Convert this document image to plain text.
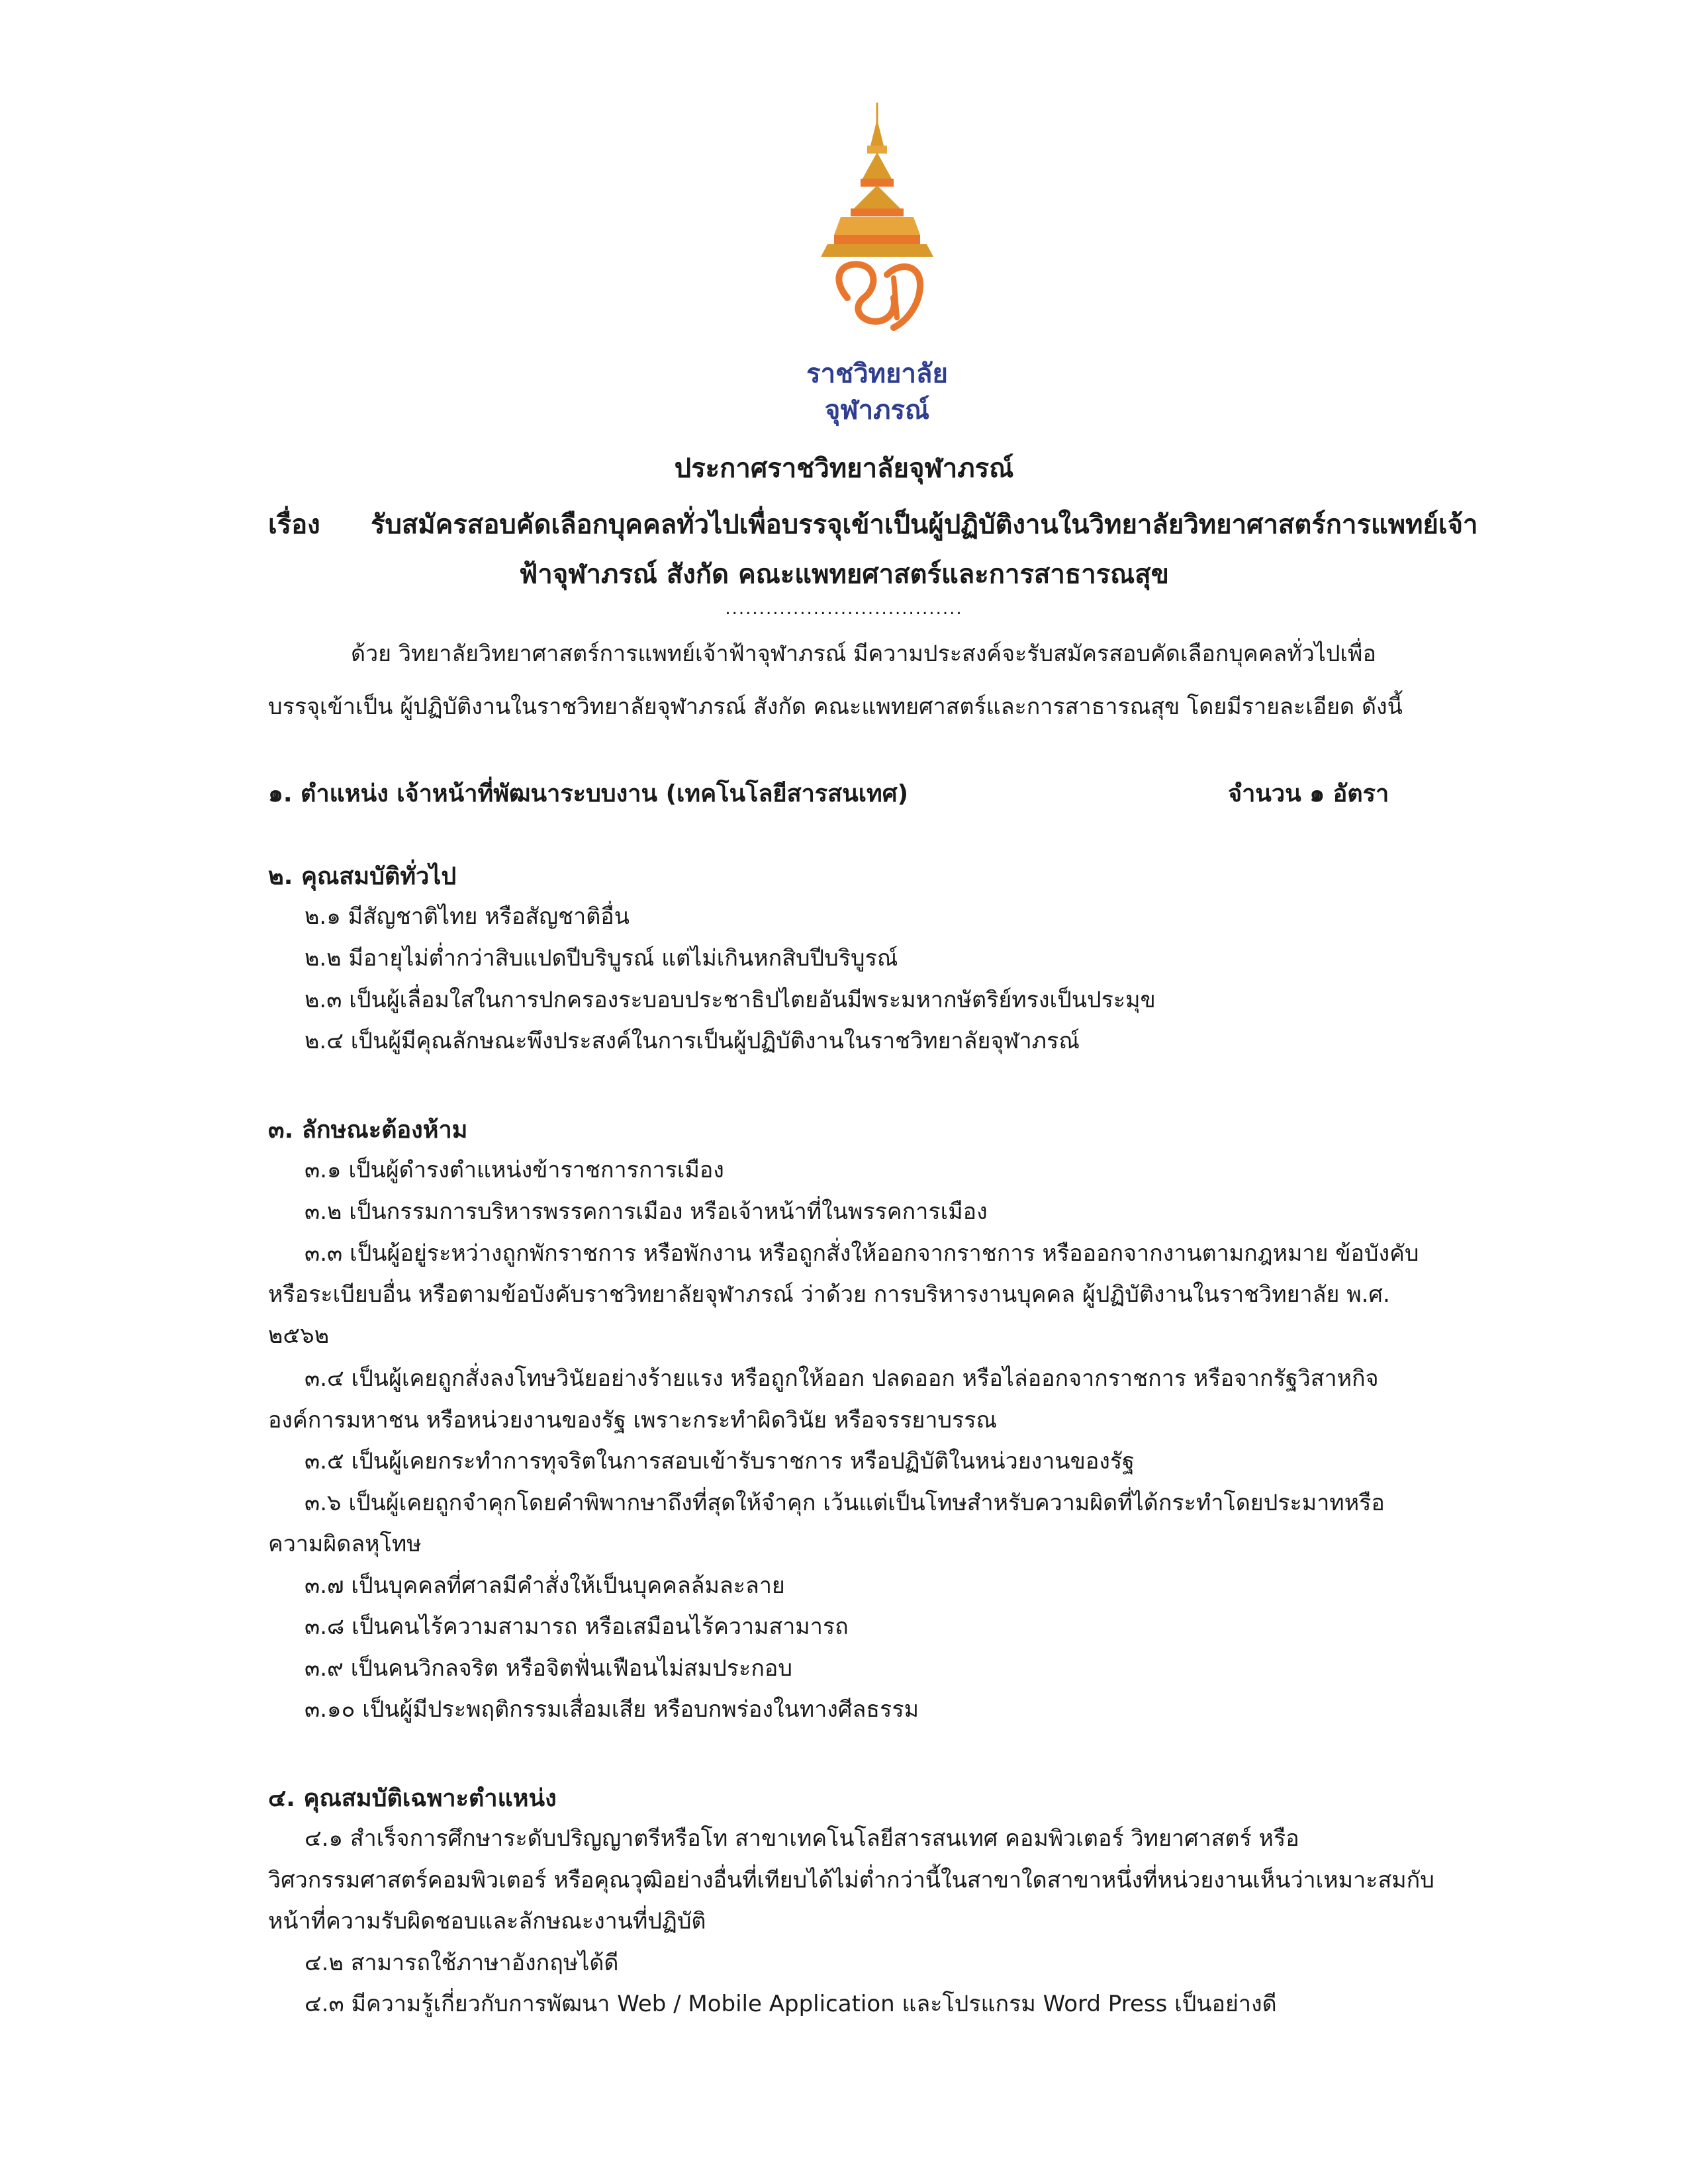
ราชวิทยาลัย
จุฬาภรณ์
ประกาศราชวิทยาลัยจุฬาภรณ์
เรื่อง รับสมัครสอบคัดเลือกบุคคลทั่วไปเพื่อบรรจุเข้าเป็นผู้ปฏิบัติงานในวิทยาลัยวิทยาศาสตร์การแพทย์เจ้า
ฟ้าจุฬาภรณ์ สังกัด คณะแพทยศาสตร์และการสาธารณสุข
...................................
ด้วย วิทยาลัยวิทยาศาสตร์การแพทย์เจ้าฟ้าจุฬาภรณ์ มีความประสงค์จะรับสมัครสอบคัดเลือกบุคคลทั่วไปเพื่อ
บรรจุเข้าเป็น ผู้ปฏิบัติงานในราชวิทยาลัยจุฬาภรณ์ สังกัด คณะแพทยศาสตร์และการสาธารณสุข โดยมีรายละเอียด ดังนี้
๑. ตำแหน่ง เจ้าหน้าที่พัฒนาระบบงาน (เทคโนโลยีสารสนเทศ)	จำนวน ๑ อัตรา
๒. คุณสมบัติทั่วไป
๒.๑ มีสัญชาติไทย หรือสัญชาติอื่น
๒.๒ มีอายุไม่ต่ำกว่าสิบแปดปีบริบูรณ์ แต่ไม่เกินหกสิบปีบริบูรณ์
๒.๓ เป็นผู้เลื่อมใสในการปกครองระบอบประชาธิปไตยอันมีพระมหากษัตริย์ทรงเป็นประมุข
๒.๔ เป็นผู้มีคุณลักษณะพึงประสงค์ในการเป็นผู้ปฏิบัติงานในราชวิทยาลัยจุฬาภรณ์
๓. ลักษณะต้องห้าม
๓.๑ เป็นผู้ดำรงตำแหน่งข้าราชการการเมือง
๓.๒ เป็นกรรมการบริหารพรรคการเมือง หรือเจ้าหน้าที่ในพรรคการเมือง
๓.๓ เป็นผู้อยู่ระหว่างถูกพักราชการ หรือพักงาน หรือถูกสั่งให้ออกจากราชการ หรือออกจากงานตามกฎหมาย ข้อบังคับ
หรือระเบียบอื่น หรือตามข้อบังคับราชวิทยาลัยจุฬาภรณ์ ว่าด้วย การบริหารงานบุคคล ผู้ปฏิบัติงานในราชวิทยาลัย พ.ศ.
๒๕๖๒
๓.๔ เป็นผู้เคยถูกสั่งลงโทษวินัยอย่างร้ายแรง หรือถูกให้ออก ปลดออก หรือไล่ออกจากราชการ หรือจากรัฐวิสาหกิจ
องค์การมหาชน หรือหน่วยงานของรัฐ เพราะกระทำผิดวินัย หรือจรรยาบรรณ
๓.๕ เป็นผู้เคยกระทำการทุจริตในการสอบเข้ารับราชการ หรือปฏิบัติในหน่วยงานของรัฐ
๓.๖ เป็นผู้เคยถูกจำคุกโดยคำพิพากษาถึงที่สุดให้จำคุก เว้นแต่เป็นโทษสำหรับความผิดที่ได้กระทำโดยประมาทหรือ
ความผิดลหุโทษ
๓.๗ เป็นบุคคลที่ศาลมีคำสั่งให้เป็นบุคคลล้มละลาย
๓.๘ เป็นคนไร้ความสามารถ หรือเสมือนไร้ความสามารถ
๓.๙ เป็นคนวิกลจริต หรือจิตฟั่นเฟือนไม่สมประกอบ
๓.๑๐ เป็นผู้มีประพฤติกรรมเสื่อมเสีย หรือบกพร่องในทางศีลธรรม
๔. คุณสมบัติเฉพาะตำแหน่ง
๔.๑ สำเร็จการศึกษาระดับปริญญาตรีหรือโท สาขาเทคโนโลยีสารสนเทศ คอมพิวเตอร์ วิทยาศาสตร์ หรือ
วิศวกรรมศาสตร์คอมพิวเตอร์ หรือคุณวุฒิอย่างอื่นที่เทียบได้ไม่ต่ำกว่านี้ในสาขาใดสาขาหนึ่งที่หน่วยงานเห็นว่าเหมาะสมกับ
หน้าที่ความรับผิดชอบและลักษณะงานที่ปฏิบัติ
๔.๒ สามารถใช้ภาษาอังกฤษได้ดี
๔.๓ มีความรู้เกี่ยวกับการพัฒนา Web / Mobile Application และโปรแกรม Word Press เป็นอย่างดี
